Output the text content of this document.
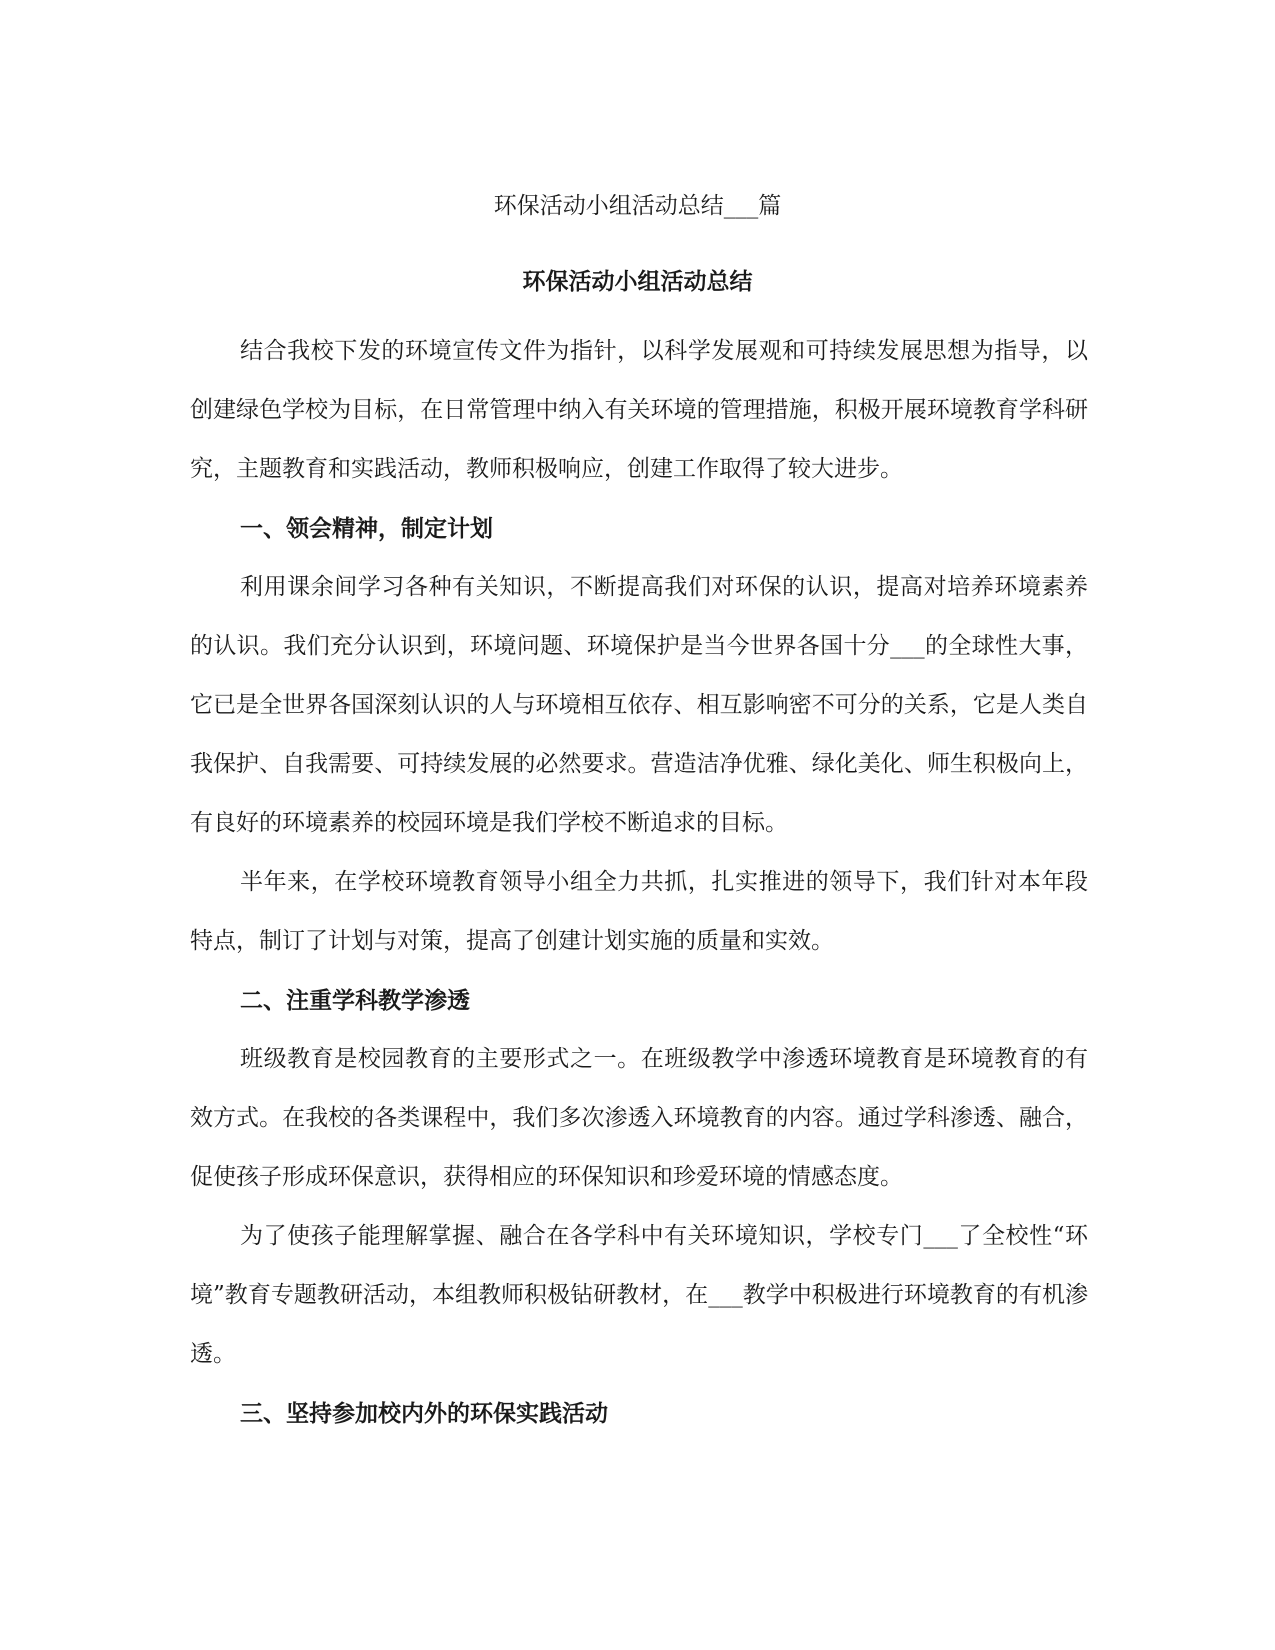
环保活动小组活动总结___篇
环保活动小组活动总结

结合我校下发的环境宣传文件为指针，以科学发展观和可持续发展思想为指导，以创建绿色学校为目标，在日常管理中纳入有关环境的管理措施，积极开展环境教育学科研究，主题教育和实践活动，教师积极响应，创建工作取得了较大进步。

一、领会精神，制定计划

利用课余间学习各种有关知识，不断提高我们对环保的认识，提高对培养环境素养的认识。我们充分认识到，环境问题、环境保护是当今世界各国十分___的全球性大事，它已是全世界各国深刻认识的人与环境相互依存、相互影响密不可分的关系，它是人类自我保护、自我需要、可持续发展的必然要求。营造洁净优雅、绿化美化、师生积极向上，有良好的环境素养的校园环境是我们学校不断追求的目标。

半年来，在学校环境教育领导小组全力共抓，扎实推进的领导下，我们针对本年段特点，制订了计划与对策，提高了创建计划实施的质量和实效。

二、注重学科教学渗透

班级教育是校园教育的主要形式之一。在班级教学中渗透环境教育是环境教育的有效方式。在我校的各类课程中，我们多次渗透入环境教育的内容。通过学科渗透、融合，促使孩子形成环保意识，获得相应的环保知识和珍爱环境的情感态度。

为了使孩子能理解掌握、融合在各学科中有关环境知识，学校专门___了全校性“环境”教育专题教研活动，本组教师积极钻研教材，在___教学中积极进行环境教育的有机渗透。

三、坚持参加校内外的环保实践活动
